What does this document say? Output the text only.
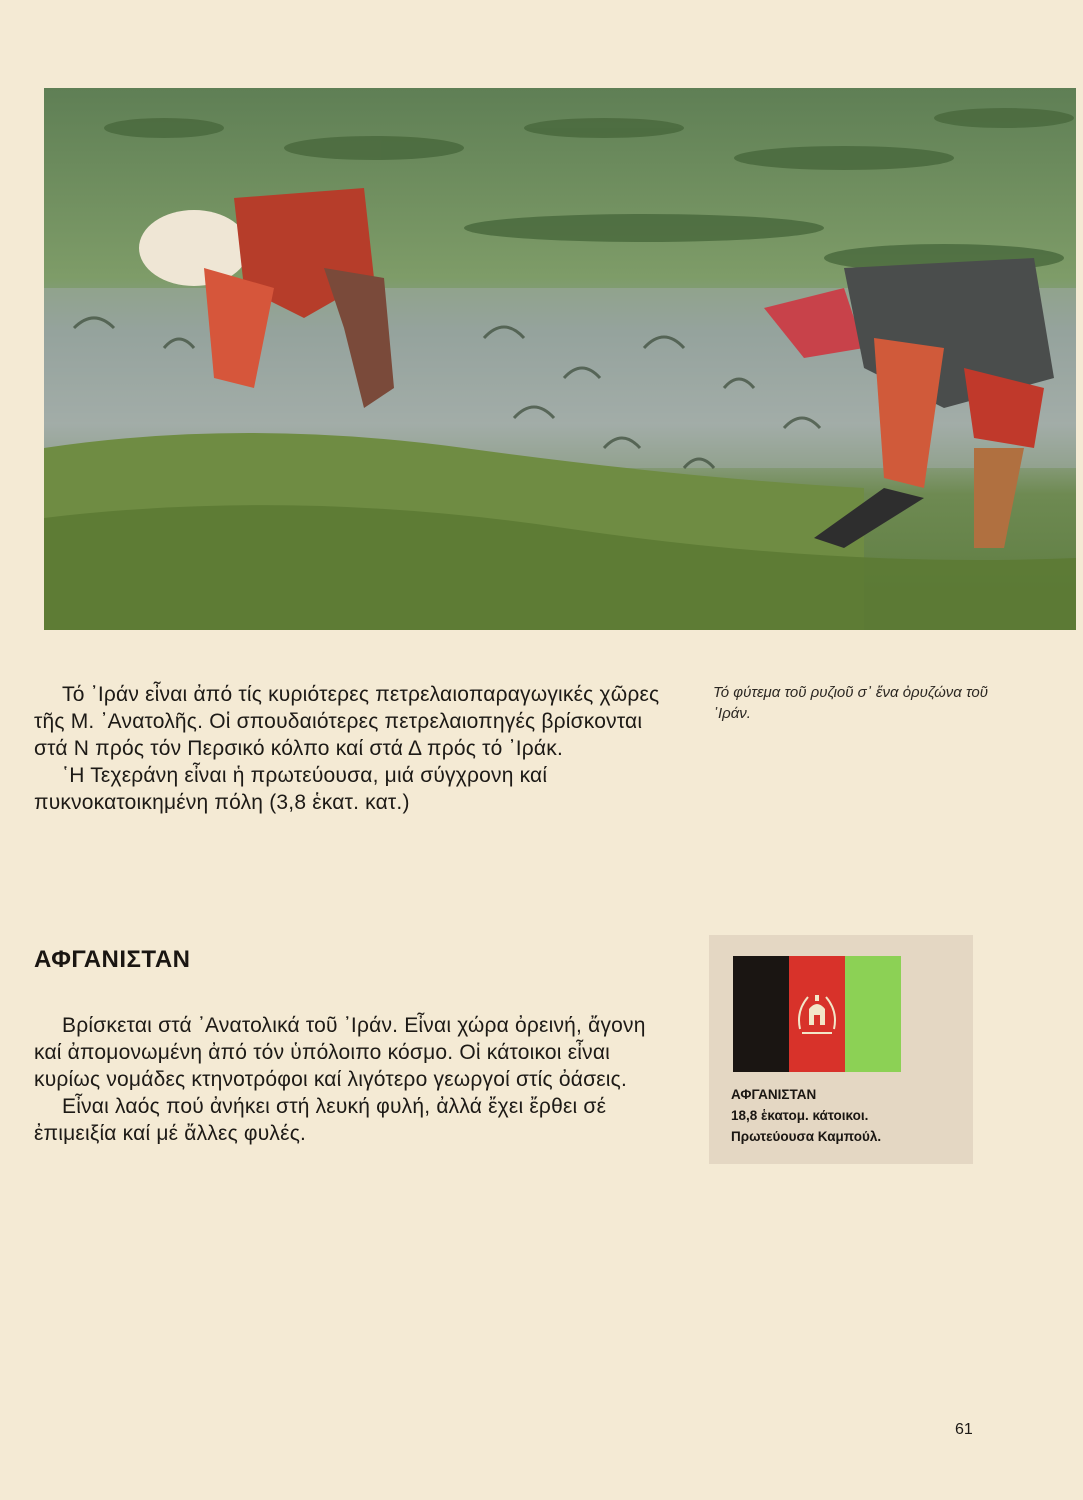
Τό ᾽Ιράν εἶναι ἀπό τίς κυριότερες πετρελαιοπαραγωγικές χῶρες τῆς Μ. ᾽Ανατολῆς. Οἱ σπουδαιότερες πετρελαιοπηγές βρίσκονται στά Ν πρός τόν Περσικό κόλπο καί στά Δ πρός τό ᾽Ιράκ.

῾Η Τεχεράνη εἶναι ἡ πρωτεύουσα, μιά σύγχρονη καί πυκνοκατοικημένη πόλη (3,8 ἑκατ. κατ.)

Τό φύτεμα τοῦ ρυζιοῦ σ᾽ ἕνα ὀρυζώνα τοῦ ᾽Ιράν.
ΑΦΓΑΝΙΣΤΑΝ

Βρίσκεται στά ᾽Ανατολικά τοῦ ᾽Ιράν. Εἶναι χώρα ὀρεινή, ἄγονη καί ἀπομονωμένη ἀπό τόν ὑπόλοιπο κόσμο. Οἱ κάτοικοι εἶναι κυρίως νομάδες κτηνοτρόφοι καί λιγότερο γεωργοί στίς ὀάσεις.

Εἶναι λαός πού ἀνήκει στή λευκή φυλή, ἀλλά ἔχει ἔρθει σέ ἐπιμειξία καί μέ ἄλλες φυλές.

ΑΦΓΑΝΙΣΤΑΝ
18,8 ἑκατομ. κάτοικοι.
Πρωτεύουσα Καμπούλ.
61
